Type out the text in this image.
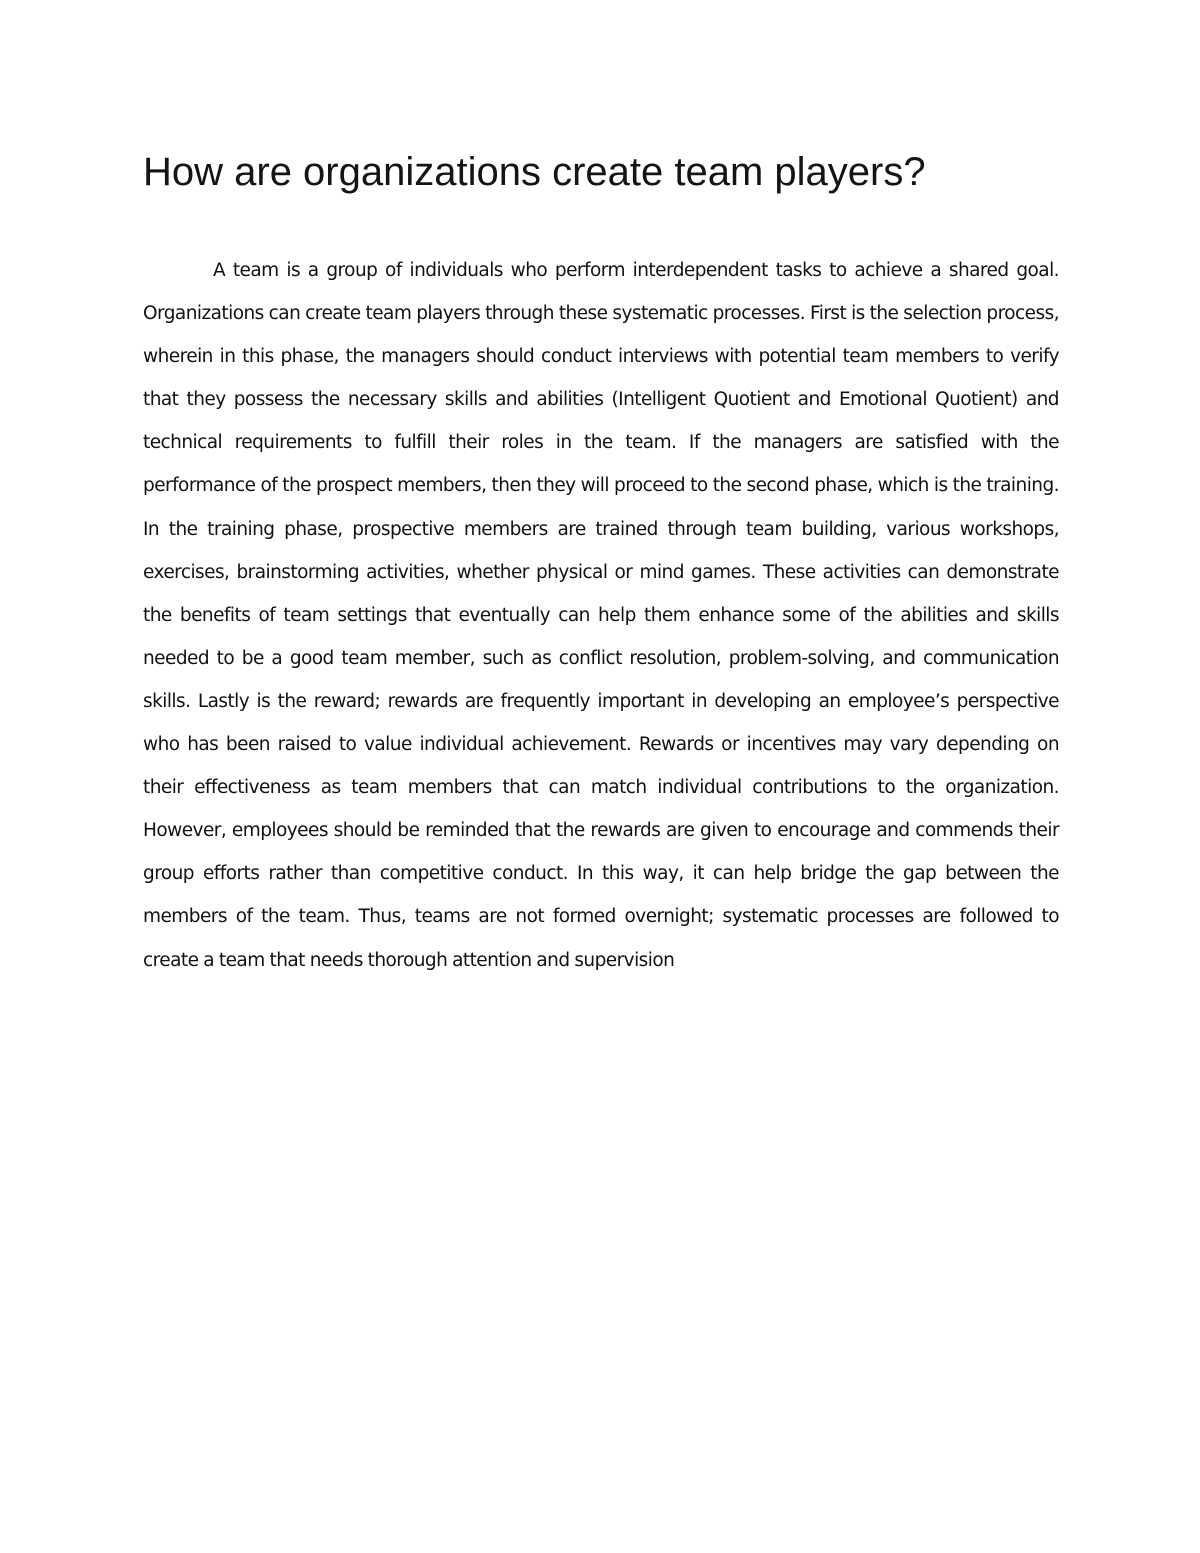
How are organizations create team players?

A team is a group of individuals who perform interdependent tasks to achieve a shared goal. Organizations can create team players through these systematic processes. First is the selection process, wherein in this phase, the managers should conduct interviews with potential team members to verify that they possess the necessary skills and abilities (Intelligent Quotient and Emotional Quotient) and technical requirements to fulfill their roles in the team. If the managers are satisfied with the performance of the prospect members, then they will proceed to the second phase, which is the training. In the training phase, prospective members are trained through team building, various workshops, exercises, brainstorming activities, whether physical or mind games. These activities can demonstrate the benefits of team settings that eventually can help them enhance some of the abilities and skills needed to be a good team member, such as conflict resolution, problem-solving, and communication skills. Lastly is the reward; rewards are frequently important in developing an employee’s perspective who has been raised to value individual achievement. Rewards or incentives may vary depending on their effectiveness as team members that can match individual contributions to the organization. However, employees should be reminded that the rewards are given to encourage and commends their group efforts rather than competitive conduct. In this way, it can help bridge the gap between the members of the team. Thus, teams are not formed overnight; systematic processes are followed to create a team that needs thorough attention and supervision
